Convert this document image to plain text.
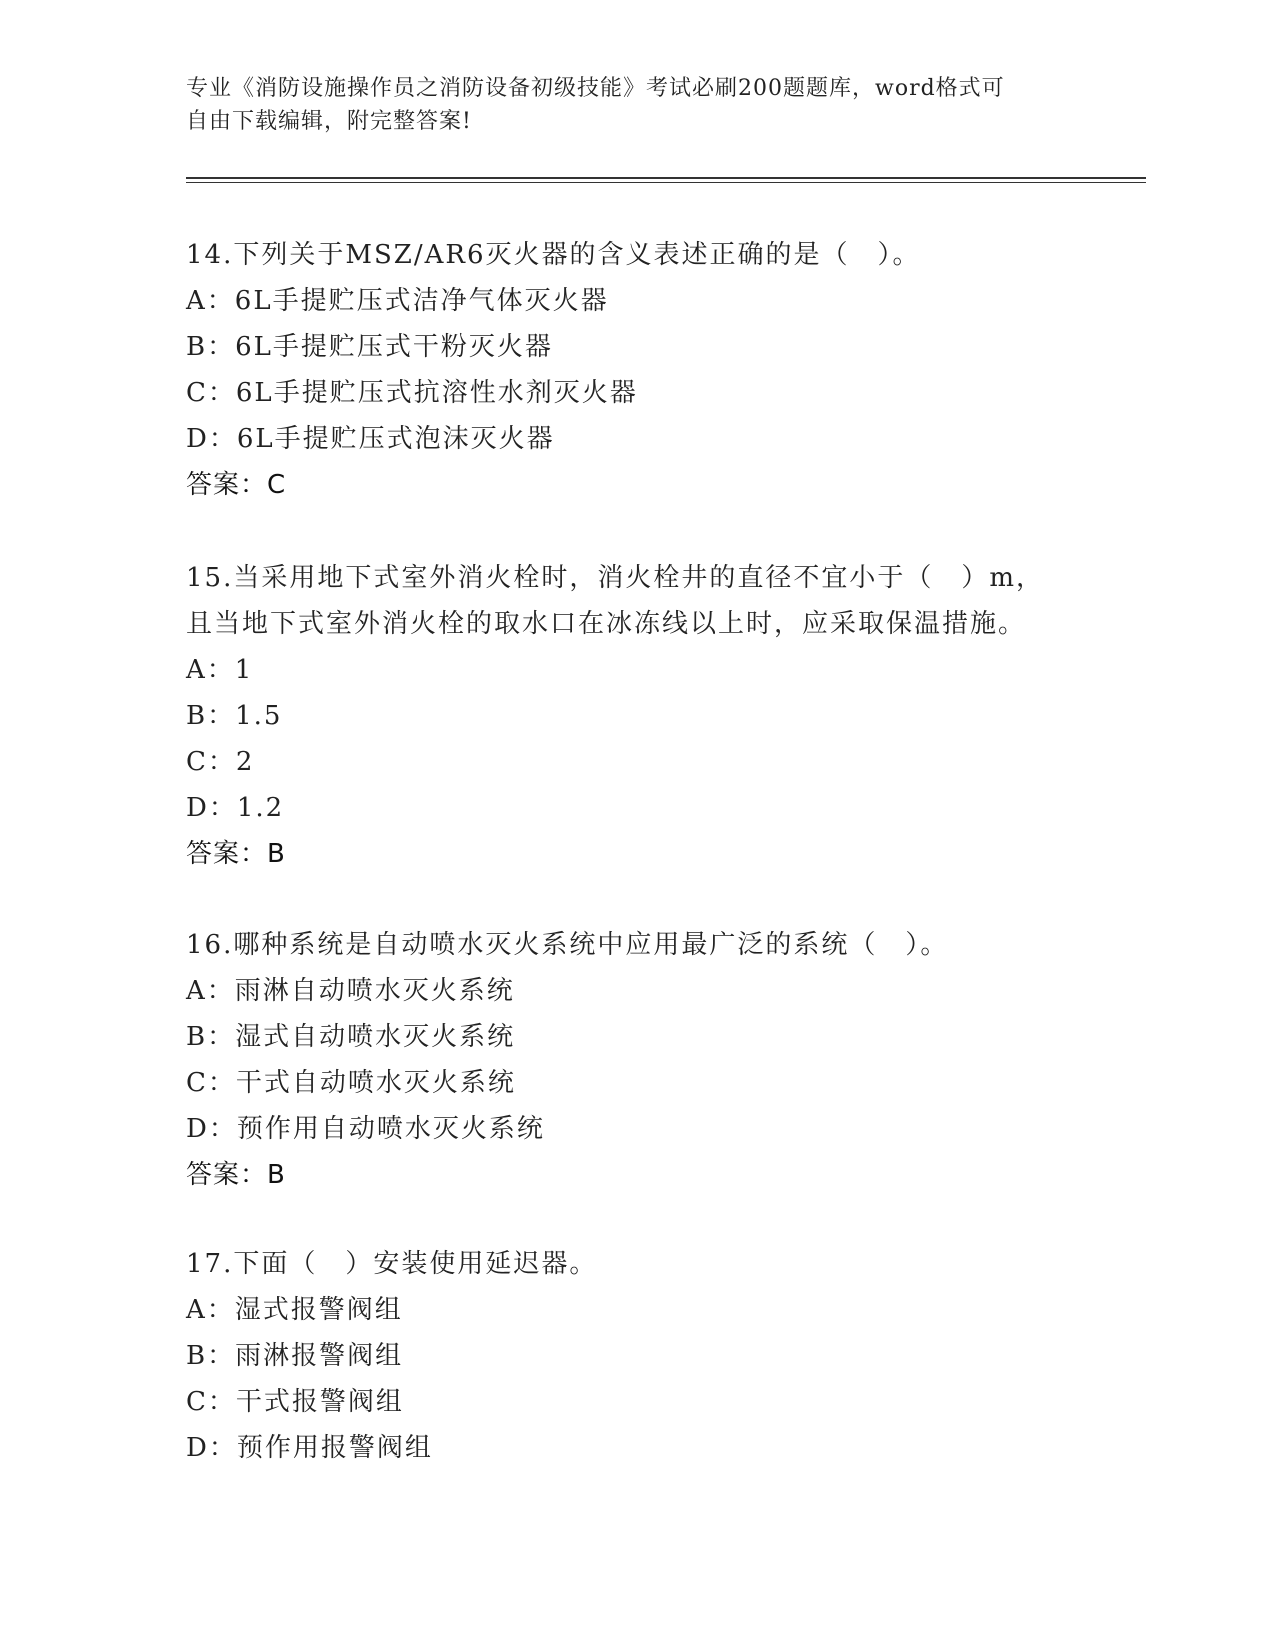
专业《消防设施操作员之消防设备初级技能》考试必刷200题题库，word格式可
自由下载编辑，附完整答案!

14.下列关于MSZ/AR6灭火器的含义表述正确的是（　）。

A：6L手提贮压式洁净气体灭火器

B：6L手提贮压式干粉灭火器

C：6L手提贮压式抗溶性水剂灭火器

D：6L手提贮压式泡沫灭火器

答案：C

15.当采用地下式室外消火栓时，消火栓井的直径不宜小于（　）m，

且当地下式室外消火栓的取水口在冰冻线以上时，应采取保温措施。

A：1

B：1.5

C：2

D：1.2

答案：B

16.哪种系统是自动喷水灭火系统中应用最广泛的系统（　）。

A：雨淋自动喷水灭火系统

B：湿式自动喷水灭火系统

C：干式自动喷水灭火系统

D：预作用自动喷水灭火系统

答案：B

17.下面（　）安装使用延迟器。

A：湿式报警阀组

B：雨淋报警阀组

C：干式报警阀组

D：预作用报警阀组
